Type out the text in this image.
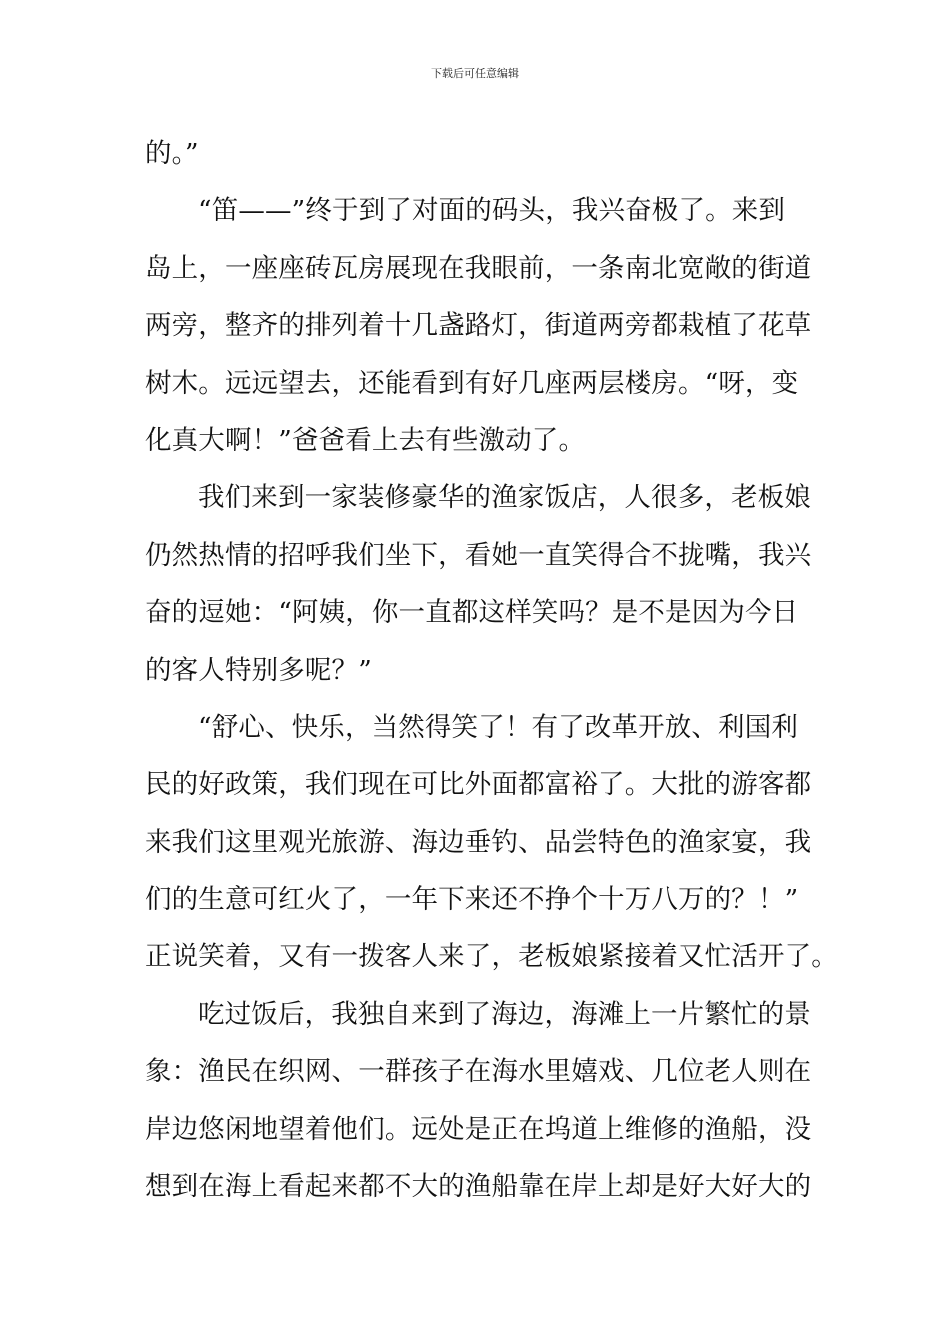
下载后可任意编辑
的。”
“笛——”终于到了对面的码头，我兴奋极了。来到
岛上，一座座砖瓦房展现在我眼前，一条南北宽敞的街道
两旁，整齐的排列着十几盏路灯，街道两旁都栽植了花草
树木。远远望去，还能看到有好几座两层楼房。“呀，变
化真大啊！”爸爸看上去有些激动了。
我们来到一家装修豪华的渔家饭店，人很多，老板娘
仍然热情的招呼我们坐下，看她一直笑得合不拢嘴，我兴
奋的逗她：“阿姨，你一直都这样笑吗？是不是因为今日
的客人特别多呢？”
“舒心、快乐，当然得笑了！有了改革开放、利国利
民的好政策，我们现在可比外面都富裕了。大批的游客都
来我们这里观光旅游、海边垂钓、品尝特色的渔家宴，我
们的生意可红火了，一年下来还不挣个十万八万的？！”
正说笑着，又有一拨客人来了，老板娘紧接着又忙活开了。
吃过饭后，我独自来到了海边，海滩上一片繁忙的景
象：渔民在织网、一群孩子在海水里嬉戏、几位老人则在
岸边悠闲地望着他们。远处是正在坞道上维修的渔船，没
想到在海上看起来都不大的渔船靠在岸上却是好大好大的
